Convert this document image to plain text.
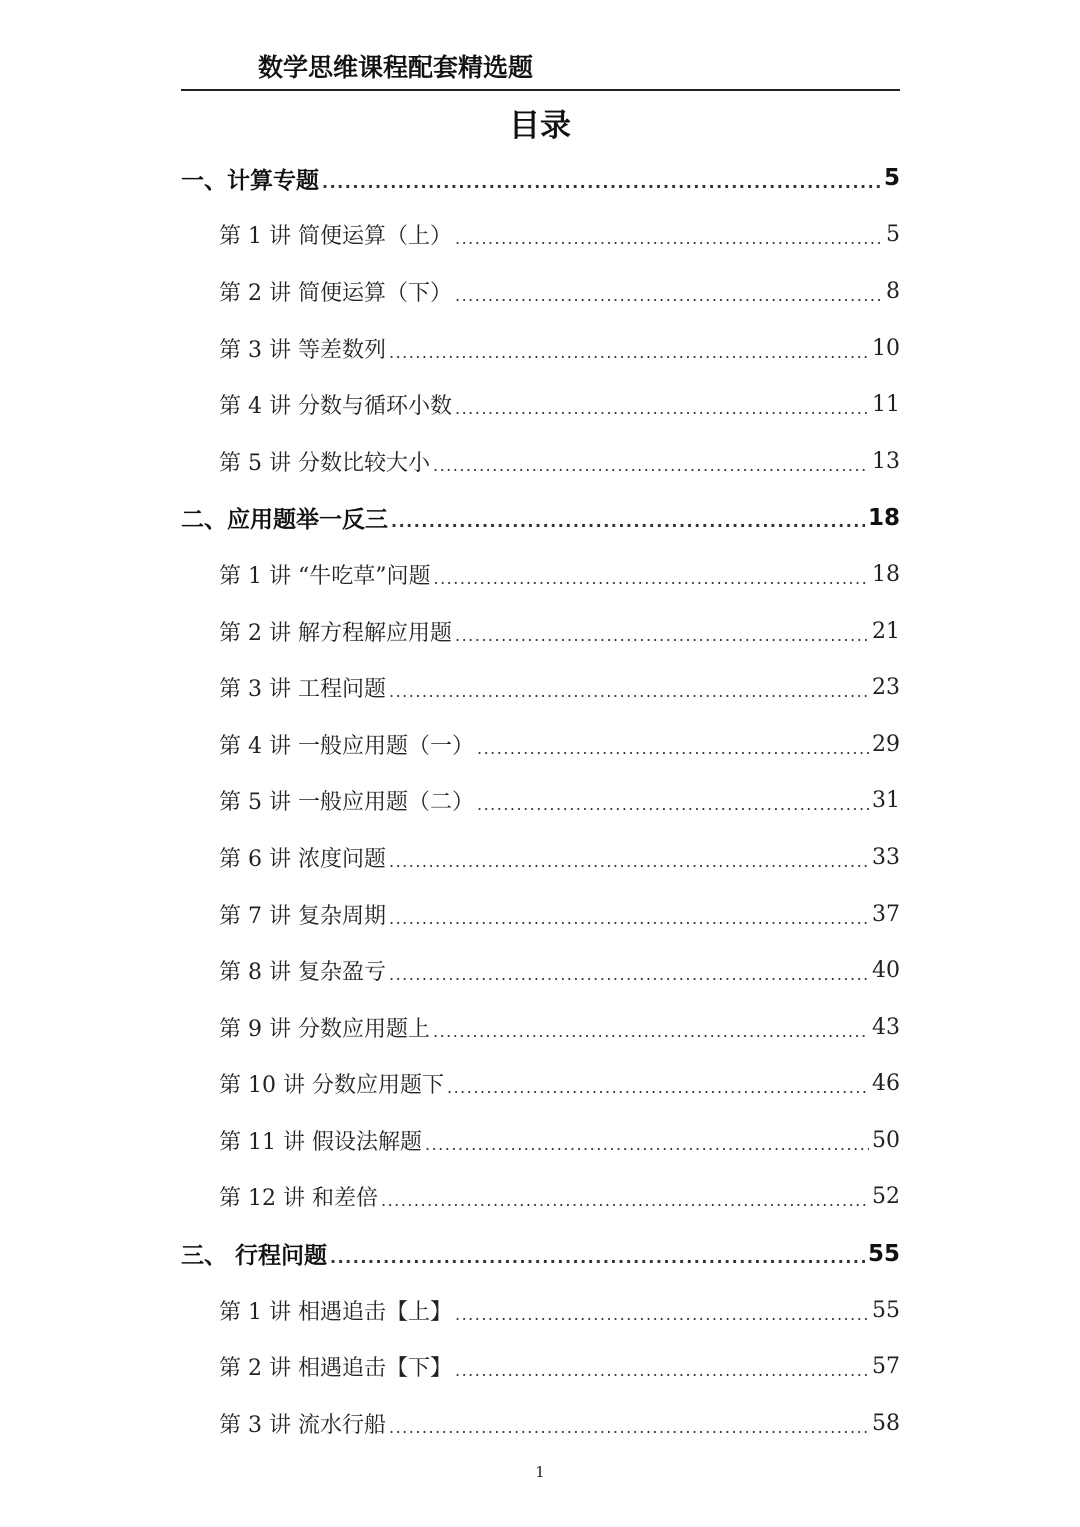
数学思维课程配套精选题
目录
一、计算专题 .....	5
第 1 讲 简便运算（上） .....	5
第 2 讲 简便运算（下） .....	8
第 3 讲 等差数列 .....	10
第 4 讲 分数与循环小数 .....	11
第 5 讲 分数比较大小 .....	13
二、应用题举一反三 .....	18
第 1 讲 “牛吃草”问题 .....	18
第 2 讲 解方程解应用题 .....	21
第 3 讲 工程问题 .....	23
第 4 讲 一般应用题（一） .....	29
第 5 讲 一般应用题（二） .....	31
第 6 讲 浓度问题 .....	33
第 7 讲 复杂周期 .....	37
第 8 讲 复杂盈亏 .....	40
第 9 讲 分数应用题上 .....	43
第 10 讲 分数应用题下 .....	46
第 11 讲 假设法解题 .....	50
第 12 讲 和差倍 .....	52
三、 行程问题 .....	55
第 1 讲 相遇追击【上】 .....	55
第 2 讲 相遇追击【下】 .....	57
第 3 讲 流水行船 .....	58
1
